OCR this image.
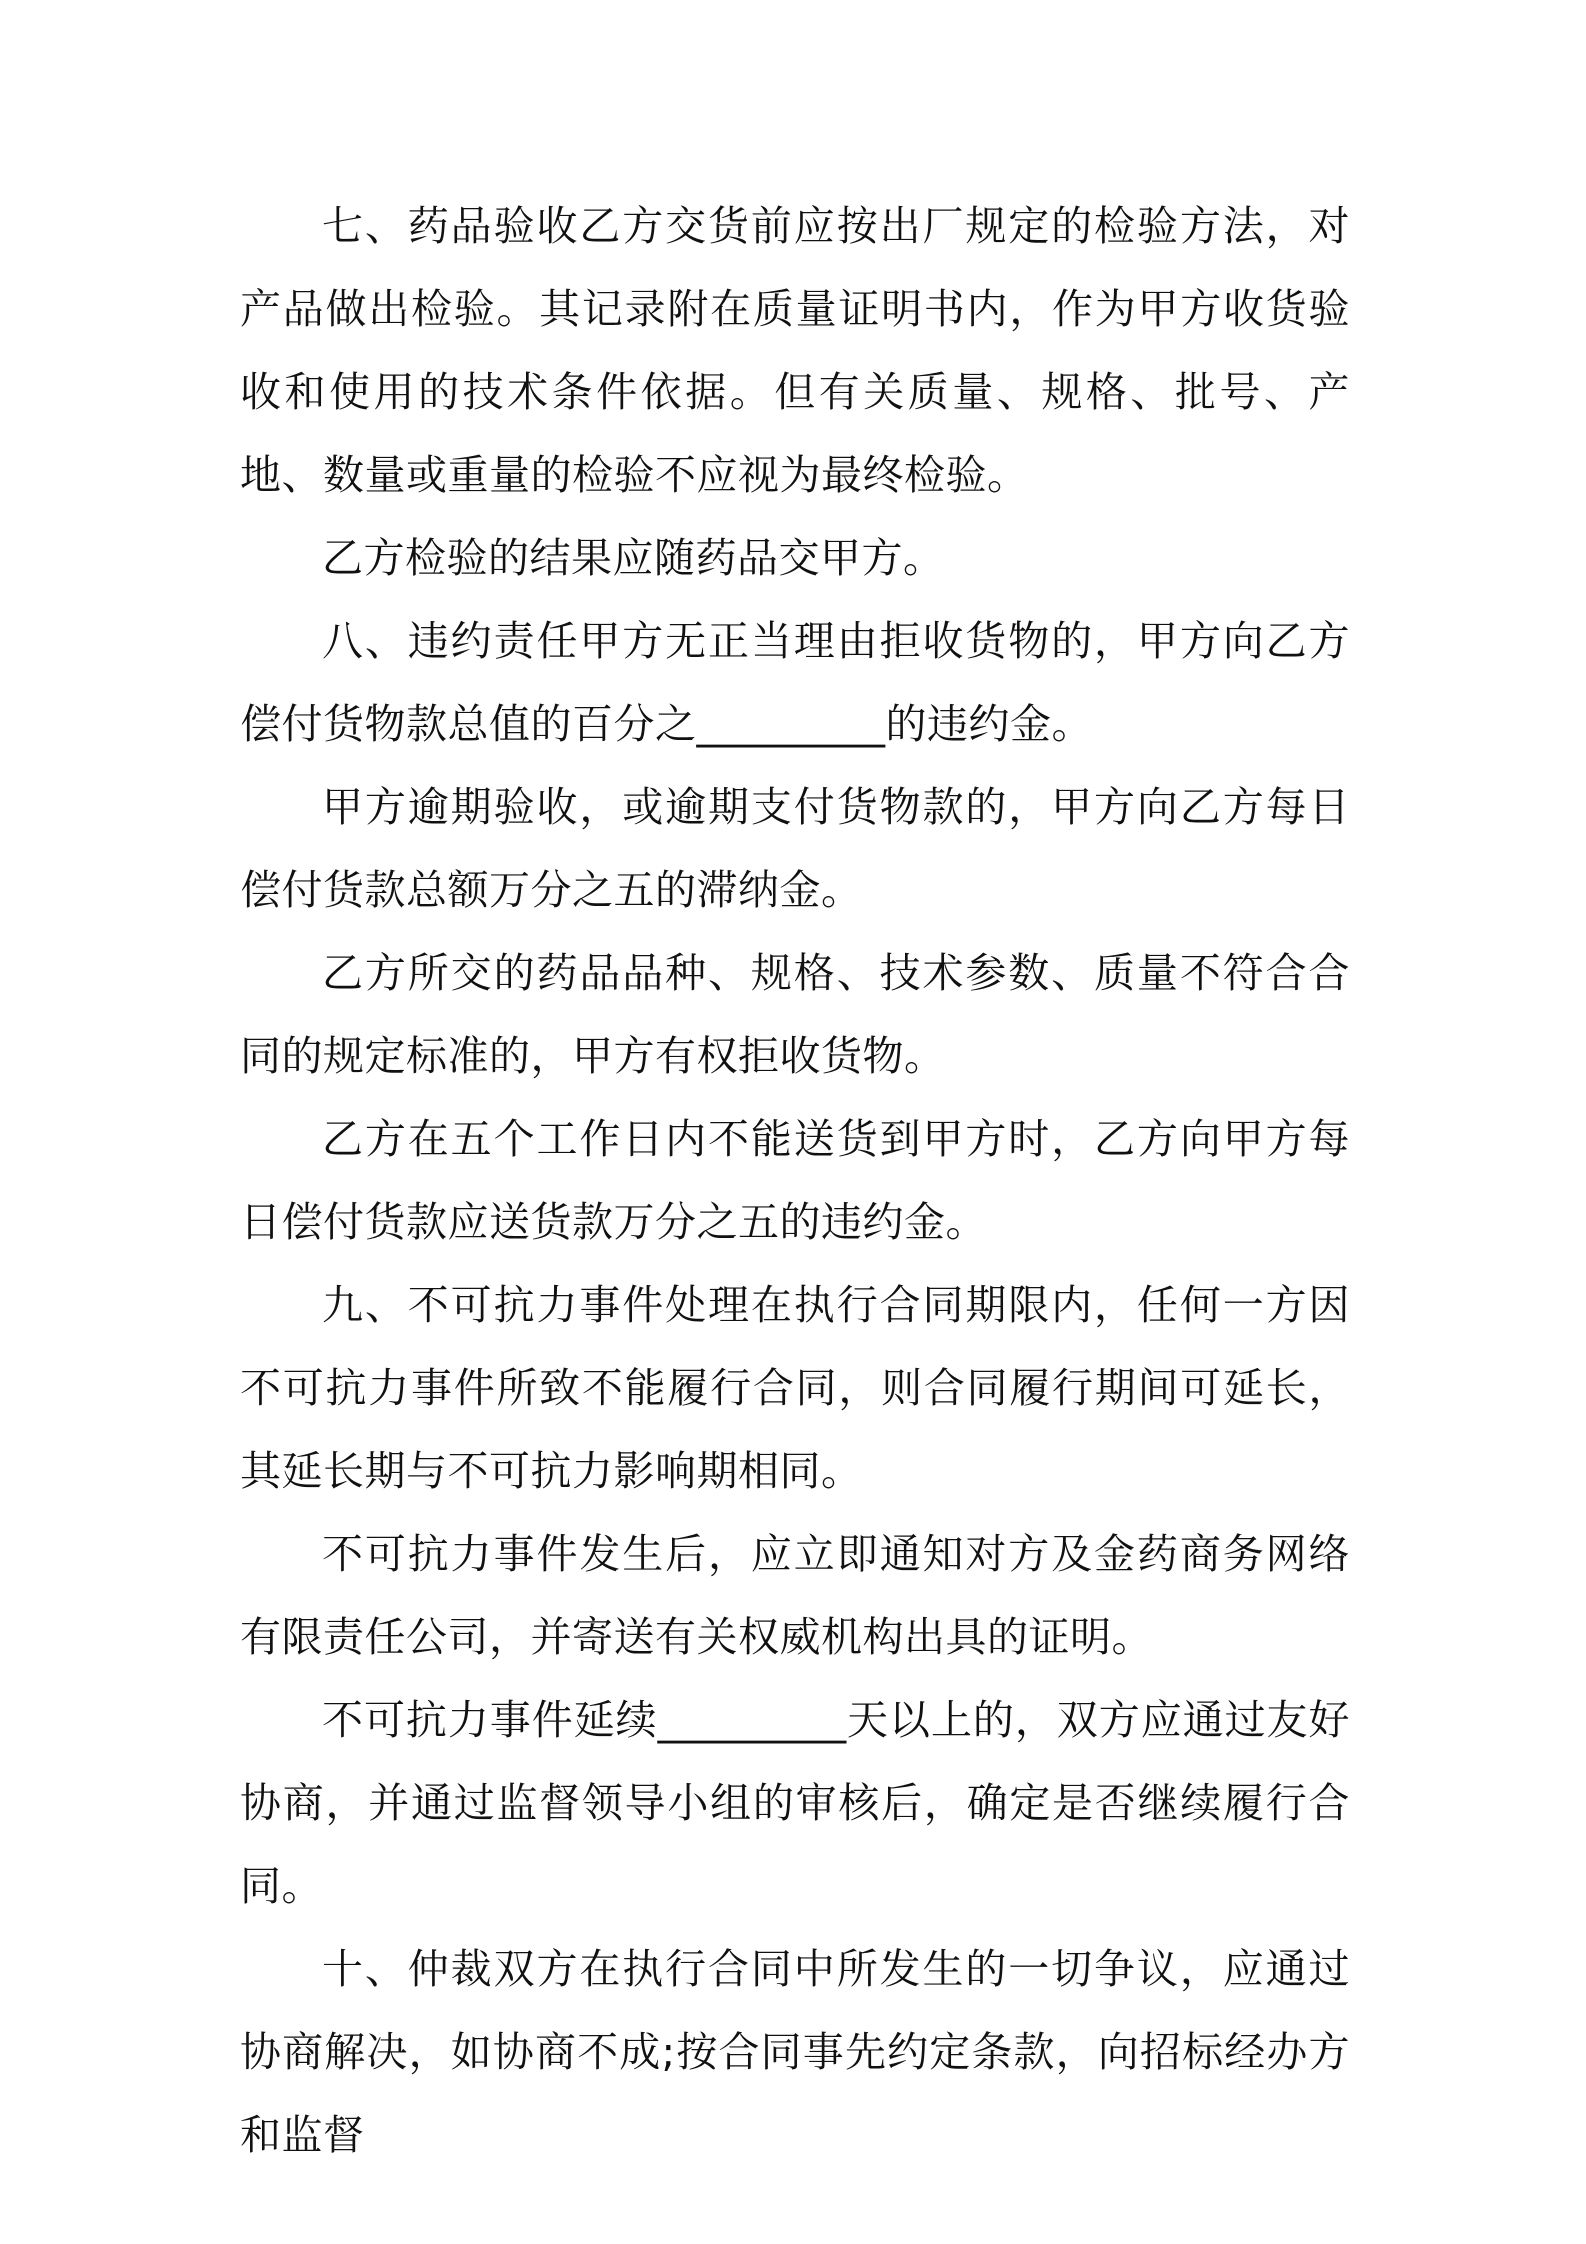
七、药品验收乙方交货前应按出厂规定的检验方法，对产品做出检验。其记录附在质量证明书内，作为甲方收货验收和使用的技术条件依据。但有关质量、规格、批号、产地、数量或重量的检验不应视为最终检验。

乙方检验的结果应随药品交甲方。

八、违约责任甲方无正当理由拒收货物的，甲方向乙方偿付货物款总值的百分之_________的违约金。

甲方逾期验收，或逾期支付货物款的，甲方向乙方每日偿付货款总额万分之五的滞纳金。

乙方所交的药品品种、规格、技术参数、质量不符合合同的规定标准的，甲方有权拒收货物。

乙方在五个工作日内不能送货到甲方时，乙方向甲方每日偿付货款应送货款万分之五的违约金。

九、不可抗力事件处理在执行合同期限内，任何一方因不可抗力事件所致不能履行合同，则合同履行期间可延长，其延长期与不可抗力影响期相同。

不可抗力事件发生后，应立即通知对方及金药商务网络有限责任公司，并寄送有关权威机构出具的证明。

不可抗力事件延续_________天以上的，双方应通过友好协商，并通过监督领导小组的审核后，确定是否继续履行合同。

十、仲裁双方在执行合同中所发生的一切争议，应通过协商解决，如协商不成;按合同事先约定条款，向招标经办方和监督
